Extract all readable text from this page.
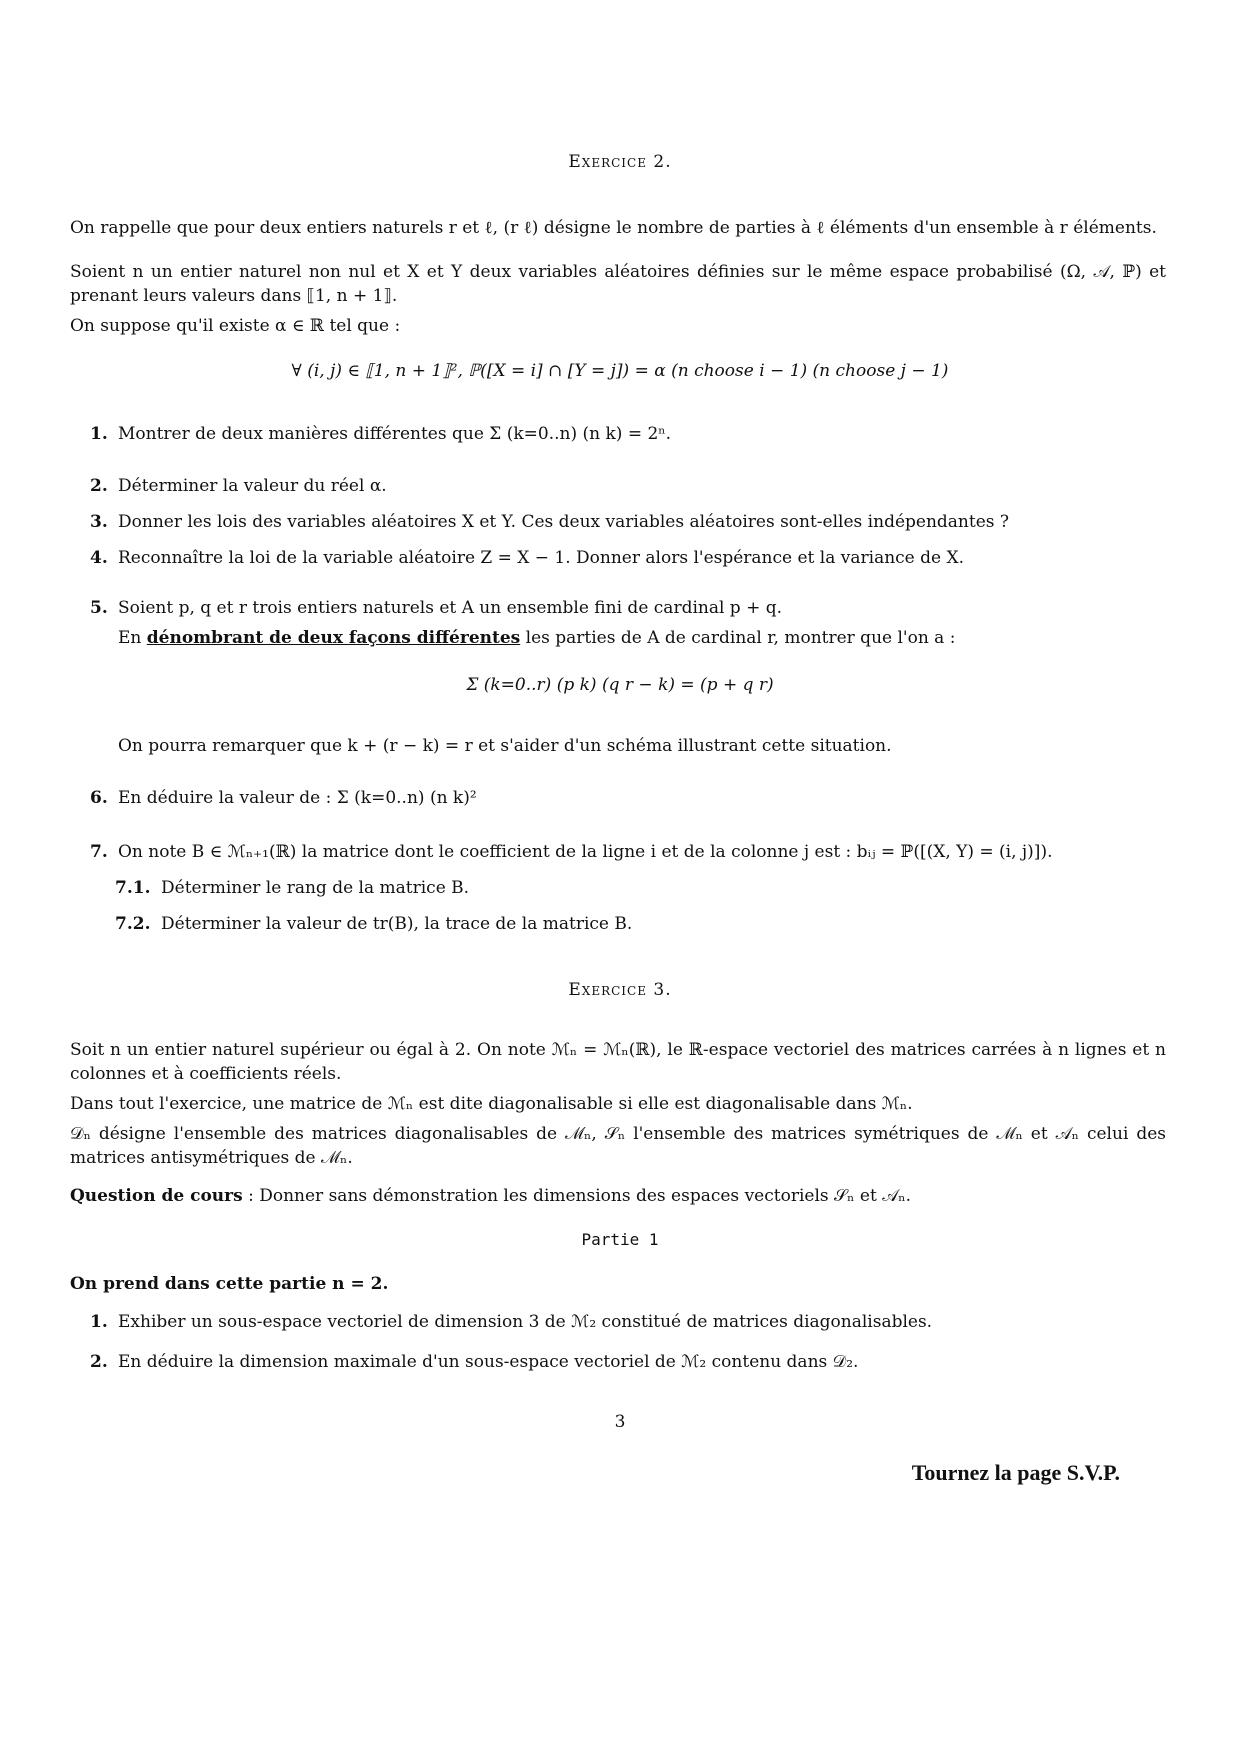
Exercice 2.
On rappelle que pour deux entiers naturels r et ℓ, (r ℓ) désigne le nombre de parties à ℓ éléments d'un ensemble à r éléments.
Soient n un entier naturel non nul et X et Y deux variables aléatoires définies sur le même espace probabilisé (Ω, 𝒜, ℙ) et prenant leurs valeurs dans ⟦1, n + 1⟧.
On suppose qu'il existe α ∈ ℝ tel que :
∀ (i, j) ∈ ⟦1, n + 1⟧², ℙ([X = i] ∩ [Y = j]) = α (n choose i − 1) (n choose j − 1)
1. Montrer de deux manières différentes que Σ (k=0..n) (n k) = 2ⁿ.
2. Déterminer la valeur du réel α.
3. Donner les lois des variables aléatoires X et Y. Ces deux variables aléatoires sont-elles indépendantes ?
4. Reconnaître la loi de la variable aléatoire Z = X − 1. Donner alors l'espérance et la variance de X.
5. Soient p, q et r trois entiers naturels et A un ensemble fini de cardinal p + q.
En dénombrant de deux façons différentes les parties de A de cardinal r, montrer que l'on a :
Σ (k=0..r) (p k) (q r − k) = (p + q r)
On pourra remarquer que k + (r − k) = r et s'aider d'un schéma illustrant cette situation.
6. En déduire la valeur de : Σ (k=0..n) (n k)²
7. On note B ∈ ℳₙ₊₁(ℝ) la matrice dont le coefficient de la ligne i et de la colonne j est : bᵢⱼ = ℙ([(X, Y) = (i, j)]).
7.1. Déterminer le rang de la matrice B.
7.2. Déterminer la valeur de tr(B), la trace de la matrice B.
Exercice 3.
Soit n un entier naturel supérieur ou égal à 2. On note ℳₙ = ℳₙ(ℝ), le ℝ-espace vectoriel des matrices carrées à n lignes et n colonnes et à coefficients réels.
Dans tout l'exercice, une matrice de ℳₙ est dite diagonalisable si elle est diagonalisable dans ℳₙ.
𝒟ₙ désigne l'ensemble des matrices diagonalisables de ℳₙ, 𝒮ₙ l'ensemble des matrices symétriques de ℳₙ et 𝒜ₙ celui des matrices antisymétriques de ℳₙ.
Question de cours : Donner sans démonstration les dimensions des espaces vectoriels 𝒮ₙ et 𝒜ₙ.
Partie 1
On prend dans cette partie n = 2.
1. Exhiber un sous-espace vectoriel de dimension 3 de ℳ₂ constitué de matrices diagonalisables.
2. En déduire la dimension maximale d'un sous-espace vectoriel de ℳ₂ contenu dans 𝒟₂.
3
Tournez la page S.V.P.
